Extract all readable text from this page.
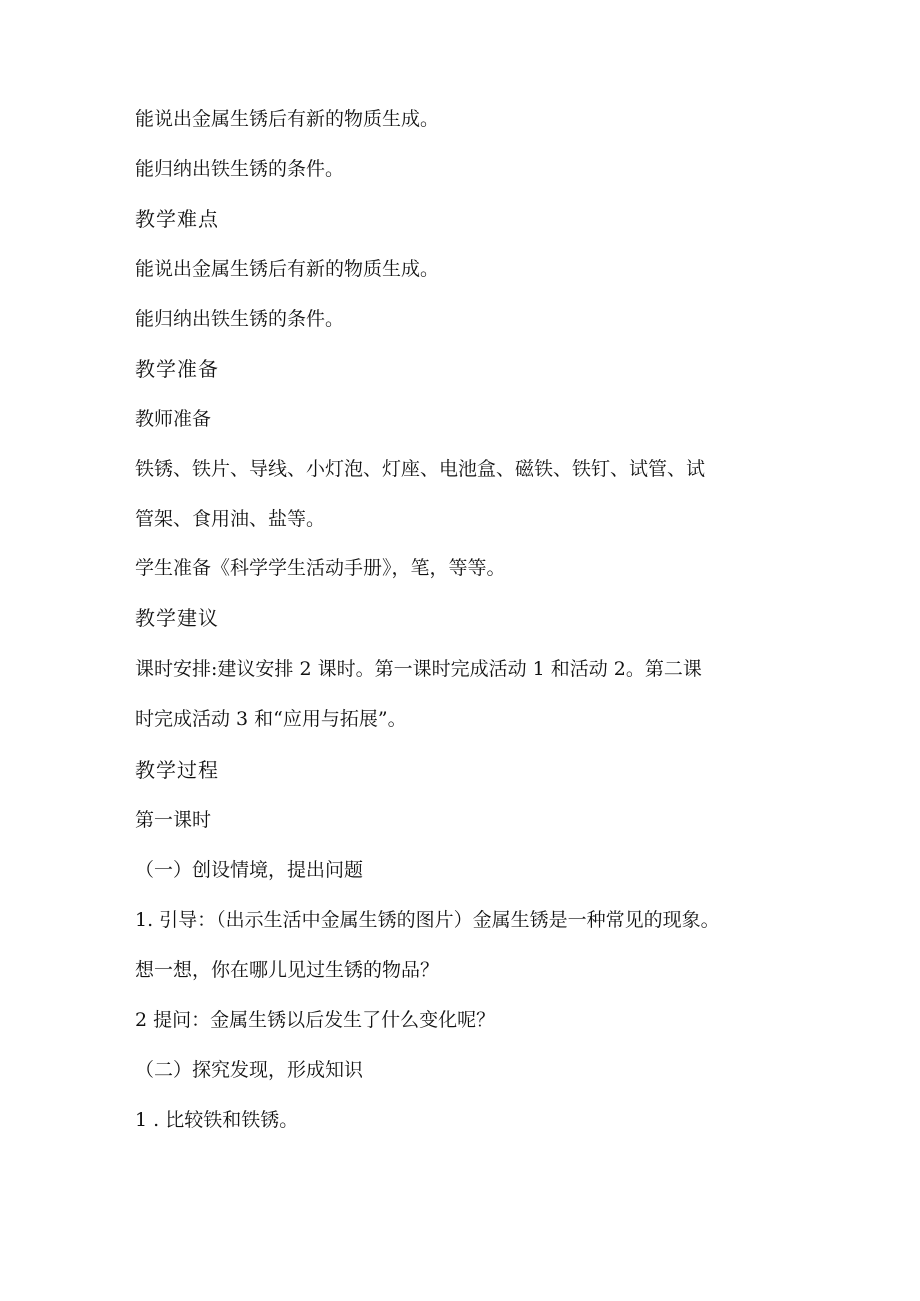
能说出金属生锈后有新的物质生成。

能归纳出铁生锈的条件。

教学难点

能说出金属生锈后有新的物质生成。

能归纳出铁生锈的条件。

教学准备

教师准备

铁锈、铁片、导线、小灯泡、灯座、电池盒、磁铁、铁钉、试管、试

管架、食用油、盐等。

学生准备《科学学生活动手册》，笔，等等。

教学建议

课时安排:建议安排 2 课时。第一课时完成活动 1 和活动 2。第二课

时完成活动 3 和“应用与拓展”。

教学过程

第一课时

（一）创设情境，提出问题

1. 引导：（出示生活中金属生锈的图片）金属生锈是一种常见的现象。

想一想，你在哪儿见过生锈的物品？

2 提问：金属生锈以后发生了什么变化呢？

（二）探究发现，形成知识

1 . 比较铁和铁锈。
